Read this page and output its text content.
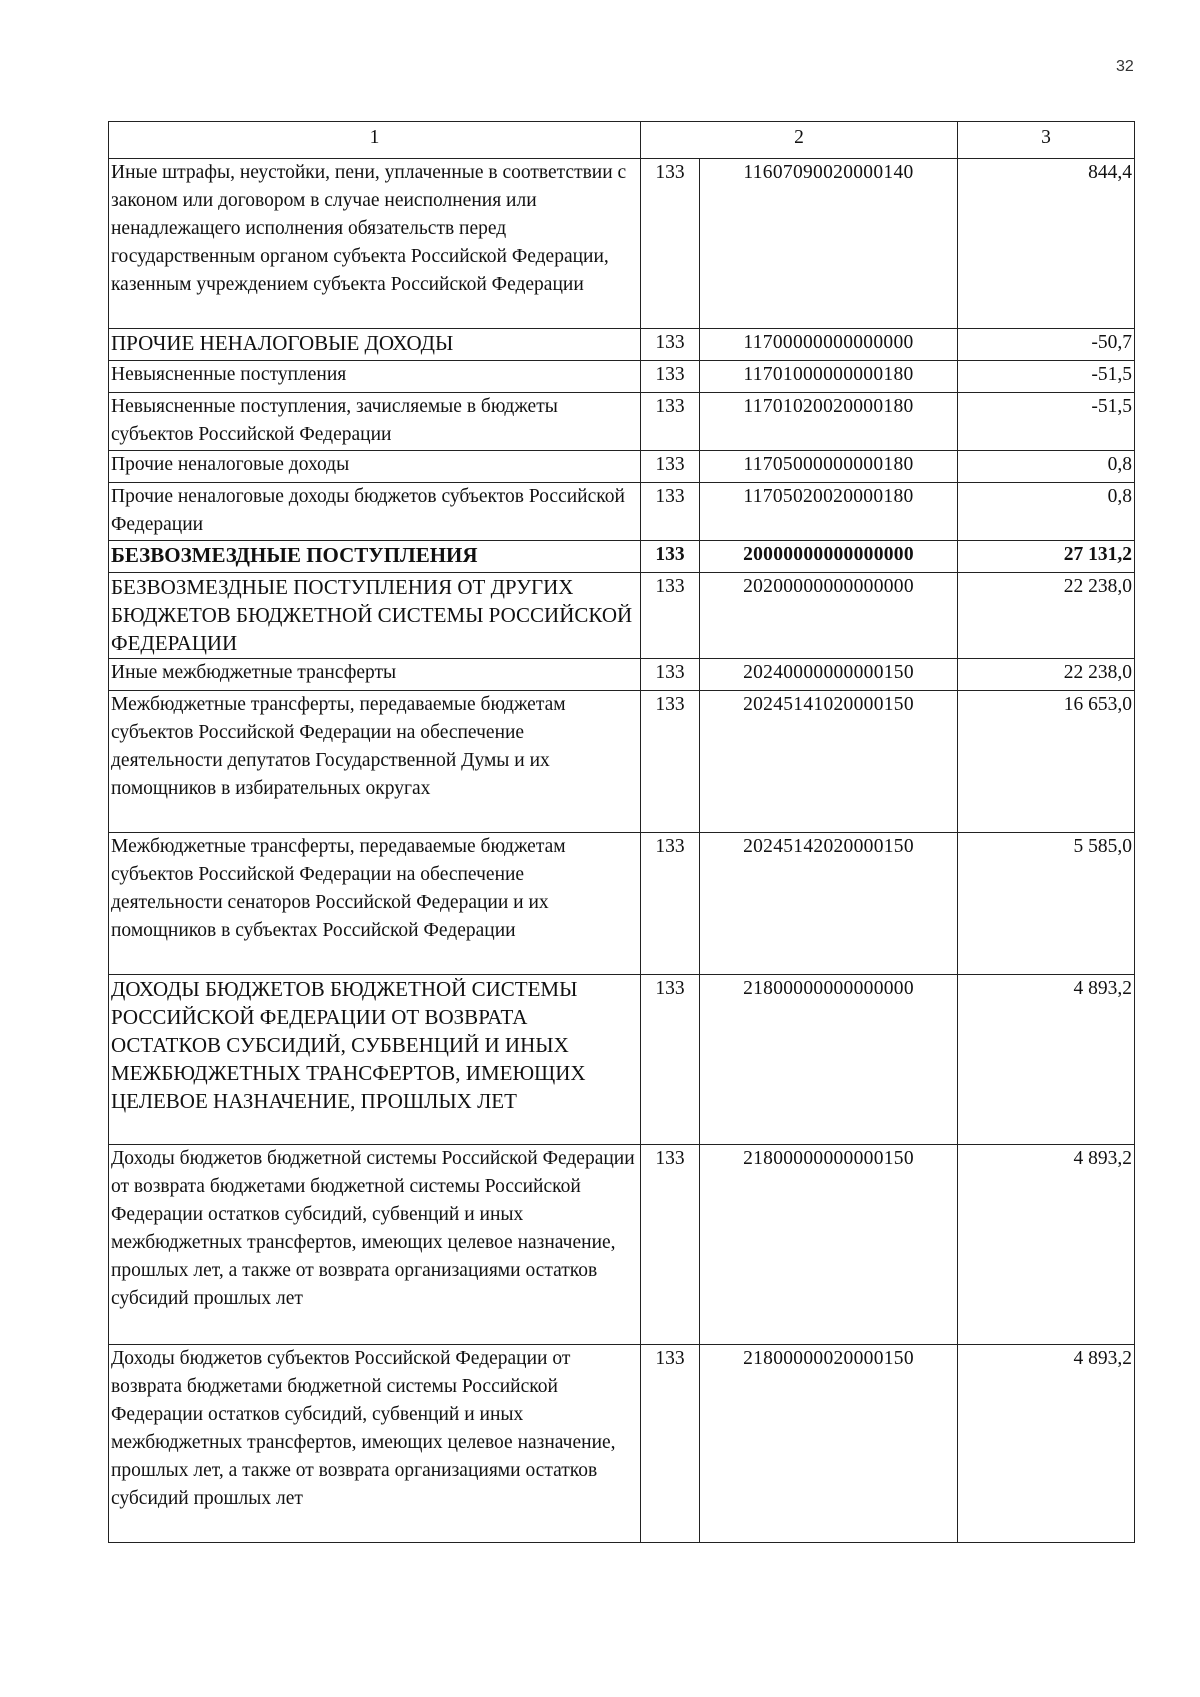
32
1	2		3
Иные штрафы, неустойки, пени, уплаченные в соответствии с законом или договором в случае неисполнения или ненадлежащего исполнения обязательств перед государственным органом субъекта Российской Федерации, казенным учреждением субъекта Российской Федерации	133	11607090020000140	844,4
ПРОЧИЕ НЕНАЛОГОВЫЕ ДОХОДЫ	133	11700000000000000	-50,7
Невыясненные поступления	133	11701000000000180	-51,5
Невыясненные поступления, зачисляемые в бюджеты субъектов Российской Федерации	133	11701020020000180	-51,5
Прочие неналоговые доходы	133	11705000000000180	0,8
Прочие неналоговые доходы бюджетов субъектов Российской Федерации	133	11705020020000180	0,8
БЕЗВОЗМЕЗДНЫЕ ПОСТУПЛЕНИЯ	133	20000000000000000	27 131,2
БЕЗВОЗМЕЗДНЫЕ ПОСТУПЛЕНИЯ ОТ ДРУГИХ БЮДЖЕТОВ БЮДЖЕТНОЙ СИСТЕМЫ РОССИЙСКОЙ ФЕДЕРАЦИИ	133	20200000000000000	22 238,0
Иные межбюджетные трансферты	133	20240000000000150	22 238,0
Межбюджетные трансферты, передаваемые бюджетам субъектов Российской Федерации на обеспечение деятельности депутатов Государственной Думы и их помощников в избирательных округах	133	20245141020000150	16 653,0
Межбюджетные трансферты, передаваемые бюджетам субъектов Российской Федерации на обеспечение деятельности сенаторов Российской Федерации и их помощников в субъектах Российской Федерации	133	20245142020000150	5 585,0
ДОХОДЫ БЮДЖЕТОВ БЮДЖЕТНОЙ СИСТЕМЫ РОССИЙСКОЙ ФЕДЕРАЦИИ ОТ ВОЗВРАТА ОСТАТКОВ СУБСИДИЙ, СУБВЕНЦИЙ И ИНЫХ МЕЖБЮДЖЕТНЫХ ТРАНСФЕРТОВ, ИМЕЮЩИХ ЦЕЛЕВОЕ НАЗНАЧЕНИЕ, ПРОШЛЫХ ЛЕТ	133	21800000000000000	4 893,2
Доходы бюджетов бюджетной системы Российской Федерации от возврата бюджетами бюджетной системы Российской Федерации остатков субсидий, субвенций и иных межбюджетных трансфертов, имеющих целевое назначение, прошлых лет, а также от возврата организациями остатков субсидий прошлых лет	133	21800000000000150	4 893,2
Доходы бюджетов субъектов Российской Федерации от возврата бюджетами бюджетной системы Российской Федерации остатков субсидий, субвенций и иных межбюджетных трансфертов, имеющих целевое назначение, прошлых лет, а также от возврата организациями остатков субсидий прошлых лет	133	21800000020000150	4 893,2
